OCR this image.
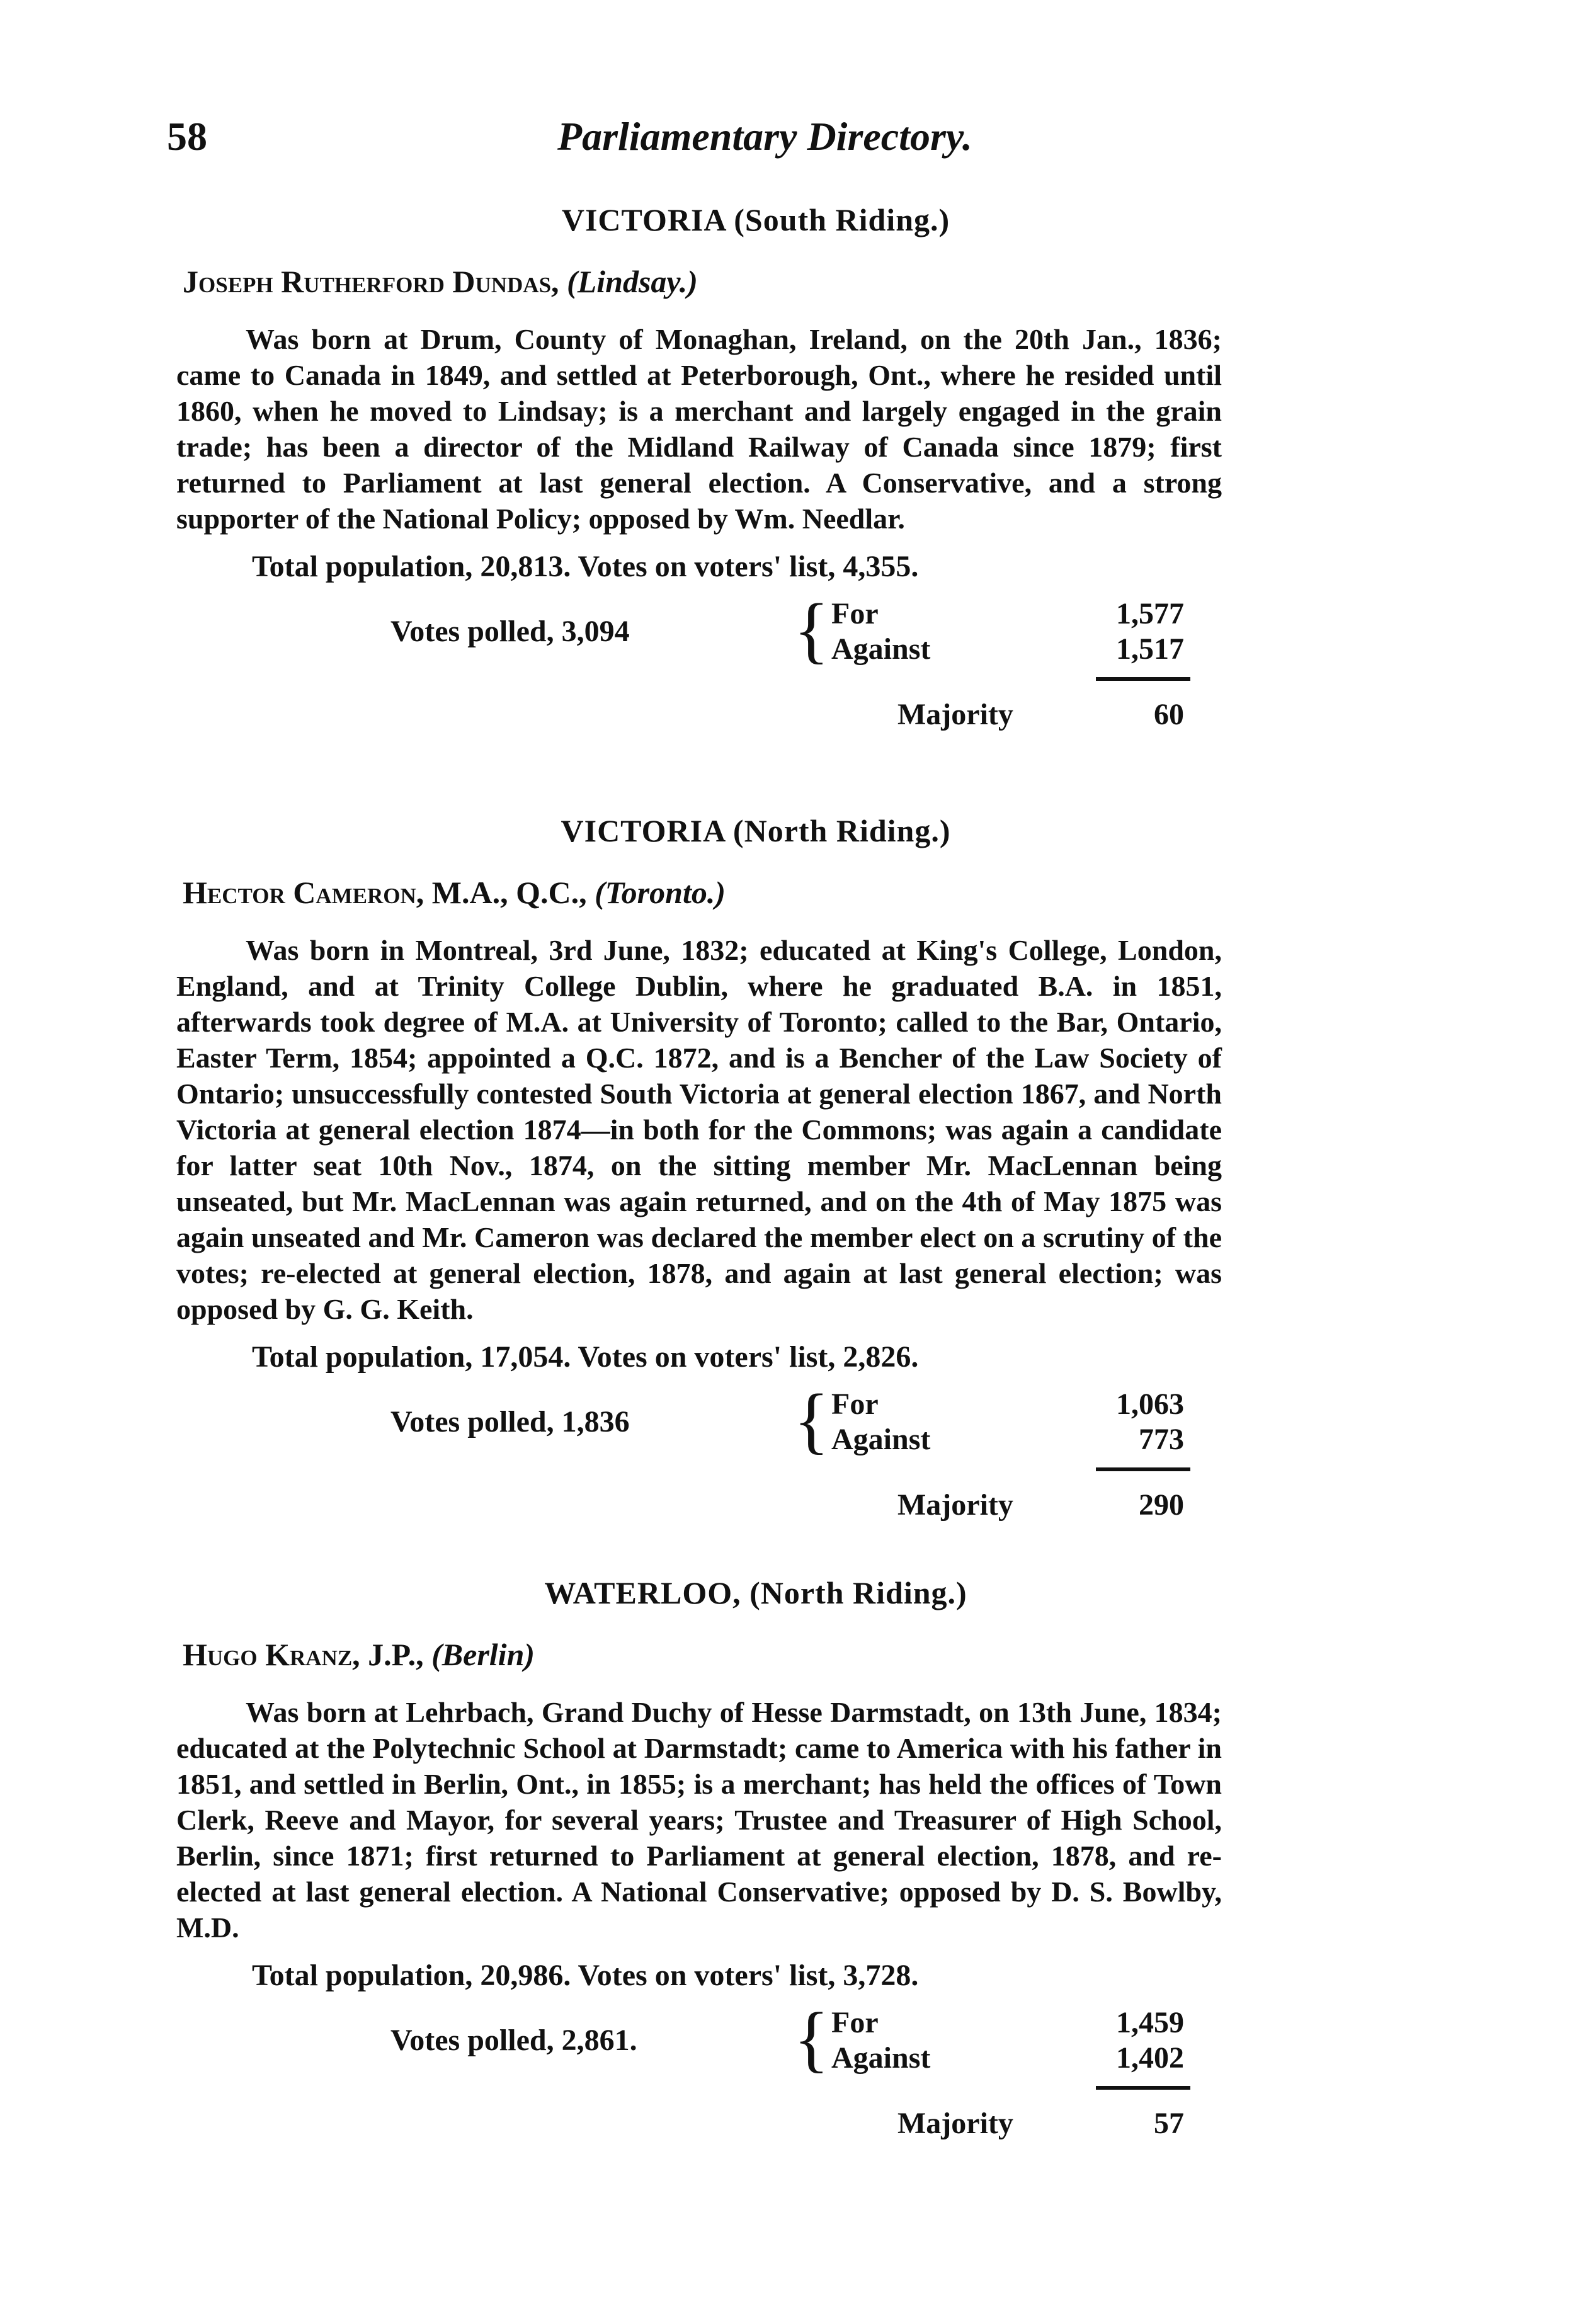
58	Parliamentary Directory.
VICTORIA (South Riding.)
Joseph Rutherford Dundas, (Lindsay.)

Was born at Drum, County of Monaghan, Ireland, on the 20th Jan., 1836; came to Canada in 1849, and settled at Peterborough, Ont., where he resided until 1860, when he moved to Lindsay; is a merchant and largely engaged in the grain trade; has been a director of the Midland Railway of Canada since 1879; first returned to Parliament at last general election. A Conservative, and a strong supporter of the National Policy; opposed by Wm. Needlar.

Total population, 20,813. Votes on voters' list, 4,355.
Votes polled, 3,094 { For	1,577
Against	1,517
Majority	60
VICTORIA (North Riding.)
Hector Cameron, M.A., Q.C., (Toronto.)

Was born in Montreal, 3rd June, 1832; educated at King's College, London, England, and at Trinity College Dublin, where he graduated B.A. in 1851, afterwards took degree of M.A. at University of Toronto; called to the Bar, Ontario, Easter Term, 1854; appointed a Q.C. 1872, and is a Bencher of the Law Society of Ontario; unsuccessfully contested South Victoria at general election 1867, and North Victoria at general election 1874—in both for the Commons; was again a candidate for latter seat 10th Nov., 1874, on the sitting member Mr. MacLennan being unseated, but Mr. MacLennan was again returned, and on the 4th of May 1875 was again unseated and Mr. Cameron was declared the member elect on a scrutiny of the votes; re-elected at general election, 1878, and again at last general election; was opposed by G. G. Keith.

Total population, 17,054. Votes on voters' list, 2,826.
Votes polled, 1,836 { For	1,063
Against	773
Majority	290
WATERLOO, (North Riding.)
Hugo Kranz, J.P., (Berlin)

Was born at Lehrbach, Grand Duchy of Hesse Darmstadt, on 13th June, 1834; educated at the Polytechnic School at Darmstadt; came to America with his father in 1851, and settled in Berlin, Ont., in 1855; is a merchant; has held the offices of Town Clerk, Reeve and Mayor, for several years; Trustee and Treasurer of High School, Berlin, since 1871; first returned to Parliament at general election, 1878, and re-elected at last general election. A National Conservative; opposed by D. S. Bowlby, M.D.

Total population, 20,986. Votes on voters' list, 3,728.
Votes polled, 2,861. { For	1,459
Against	1,402
Majority	57
